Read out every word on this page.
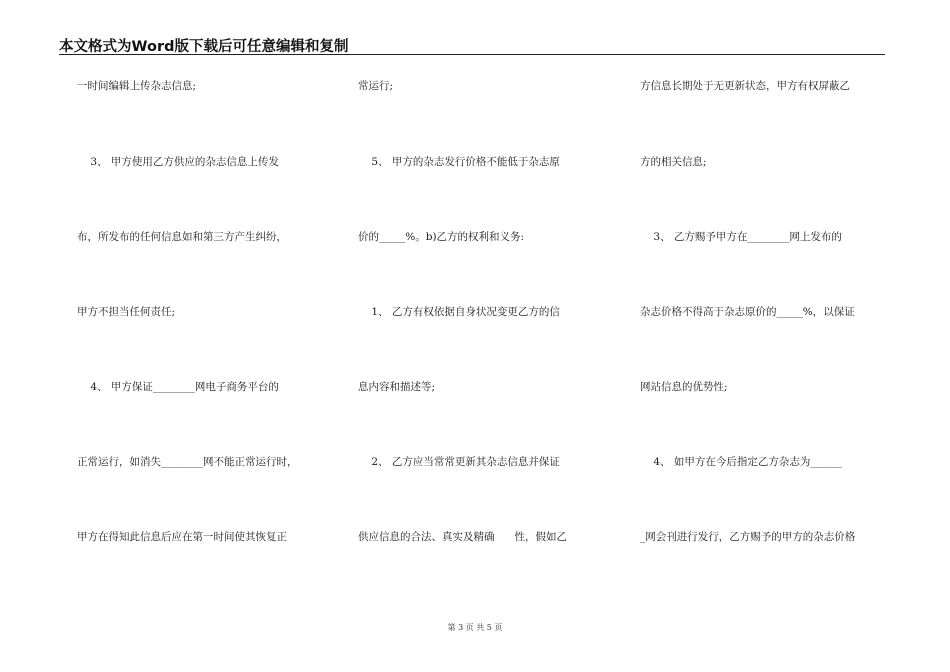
本文格式为Word版下载后可任意编辑和复制
一时间编辑上传杂志信息;
3、 甲方使用乙方供应的杂志信息上传发
布，所发布的任何信息如和第三方产生纠纷，
甲方不担当任何责任;
4、 甲方保证________网电子商务平台的
正常运行，如消失________网不能正常运行时，
甲方在得知此信息后应在第一时间使其恢复正
常运行;
5、 甲方的杂志发行价格不能低于杂志原
价的_____%。b)乙方的权利和义务:
1、 乙方有权依据自身状况变更乙方的信
息内容和描述等;
2、 乙方应当常常更新其杂志信息并保证
供应信息的合法、真实及精确      性，假如乙
方信息长期处于无更新状态，甲方有权屏蔽乙
方的相关信息;
3、 乙方赐予甲方在________网上发布的
杂志价格不得高于杂志原价的_____%，以保证
网站信息的优势性;
4、 如甲方在今后指定乙方杂志为______
_网会刊进行发行，乙方赐予的甲方的杂志价格
第 3 页 共 5 页
